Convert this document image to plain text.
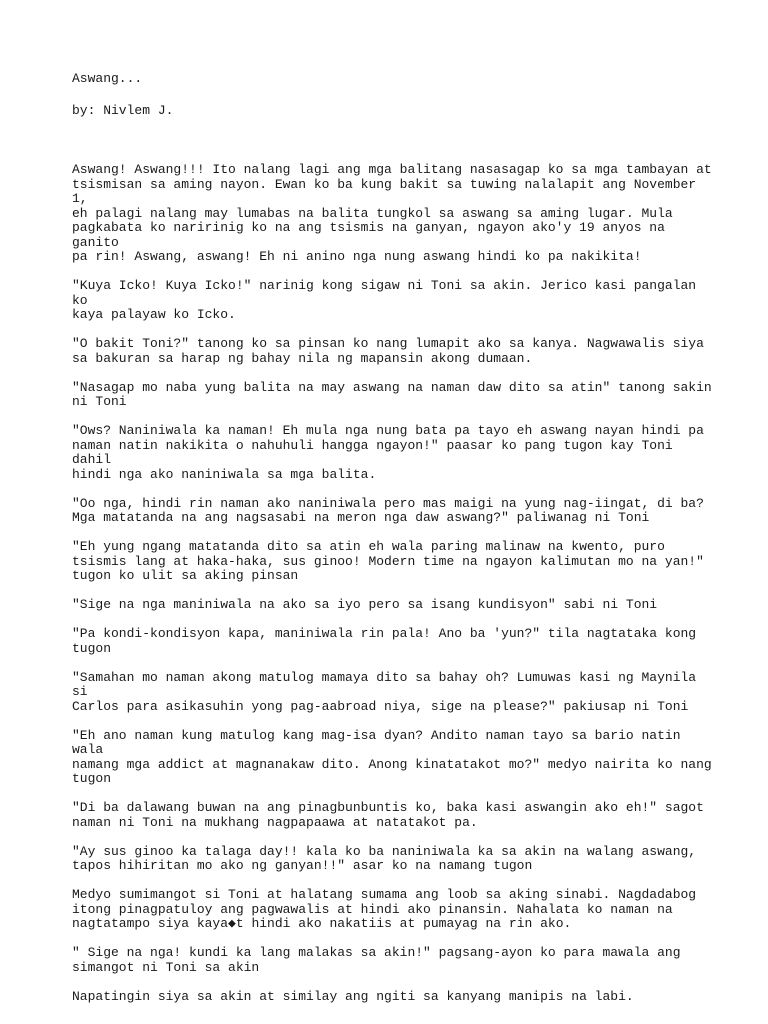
Aswang...
by: Nivlem J.

Aswang! Aswang!!! Ito nalang lagi ang mga balitang nasasagap ko sa mga tambayan at
tsismisan sa aming nayon. Ewan ko ba kung bakit sa tuwing nalalapit ang November 1,
eh palagi nalang may lumabas na balita tungkol sa aswang sa aming lugar. Mula
pagkabata ko naririnig ko na ang tsismis na ganyan, ngayon ako'y 19 anyos na ganito
pa rin! Aswang, aswang! Eh ni anino nga nung aswang hindi ko pa nakikita!

"Kuya Icko! Kuya Icko!" narinig kong sigaw ni Toni sa akin. Jerico kasi pangalan ko
kaya palayaw ko Icko.

"O bakit Toni?" tanong ko sa pinsan ko nang lumapit ako sa kanya. Nagwawalis siya
sa bakuran sa harap ng bahay nila ng mapansin akong dumaan.

"Nasagap mo naba yung balita na may aswang na naman daw dito sa atin" tanong sakin
ni Toni

"Ows? Naniniwala ka naman! Eh mula nga nung bata pa tayo eh aswang nayan hindi pa
naman natin nakikita o nahuhuli hangga ngayon!" paasar ko pang tugon kay Toni dahil
hindi nga ako naniniwala sa mga balita.

"Oo nga, hindi rin naman ako naniniwala pero mas maigi na yung nag-iingat, di ba?
Mga matatanda na ang nagsasabi na meron nga daw aswang?" paliwanag ni Toni

"Eh yung ngang matatanda dito sa atin eh wala paring malinaw na kwento, puro
tsismis lang at haka-haka, sus ginoo! Modern time na ngayon kalimutan mo na yan!"
tugon ko ulit sa aking pinsan

"Sige na nga maniniwala na ako sa iyo pero sa isang kundisyon" sabi ni Toni

"Pa kondi-kondisyon kapa, maniniwala rin pala! Ano ba 'yun?" tila nagtataka kong
tugon

"Samahan mo naman akong matulog mamaya dito sa bahay oh? Lumuwas kasi ng Maynila si
Carlos para asikasuhin yong pag-aabroad niya, sige na please?" pakiusap ni Toni

"Eh ano naman kung matulog kang mag-isa dyan? Andito naman tayo sa bario natin wala
namang mga addict at magnanakaw dito. Anong kinatatakot mo?" medyo nairita ko nang
tugon

"Di ba dalawang buwan na ang pinagbunbuntis ko, baka kasi aswangin ako eh!" sagot
naman ni Toni na mukhang nagpapaawa at natatakot pa.

"Ay sus ginoo ka talaga day!! kala ko ba naniniwala ka sa akin na walang aswang,
tapos hihiritan mo ako ng ganyan!!" asar ko na namang tugon

Medyo sumimangot si Toni at halatang sumama ang loob sa aking sinabi. Nagdadabog
itong pinagpatuloy ang pagwawalis at hindi ako pinansin. Nahalata ko naman na
nagtatampo siya kaya◆t hindi ako nakatiis at pumayag na rin ako.

" Sige na nga! kundi ka lang malakas sa akin!" pagsang-ayon ko para mawala ang
simangot ni Toni sa akin

Napatingin siya sa akin at similay ang ngiti sa kanyang manipis na labi.
